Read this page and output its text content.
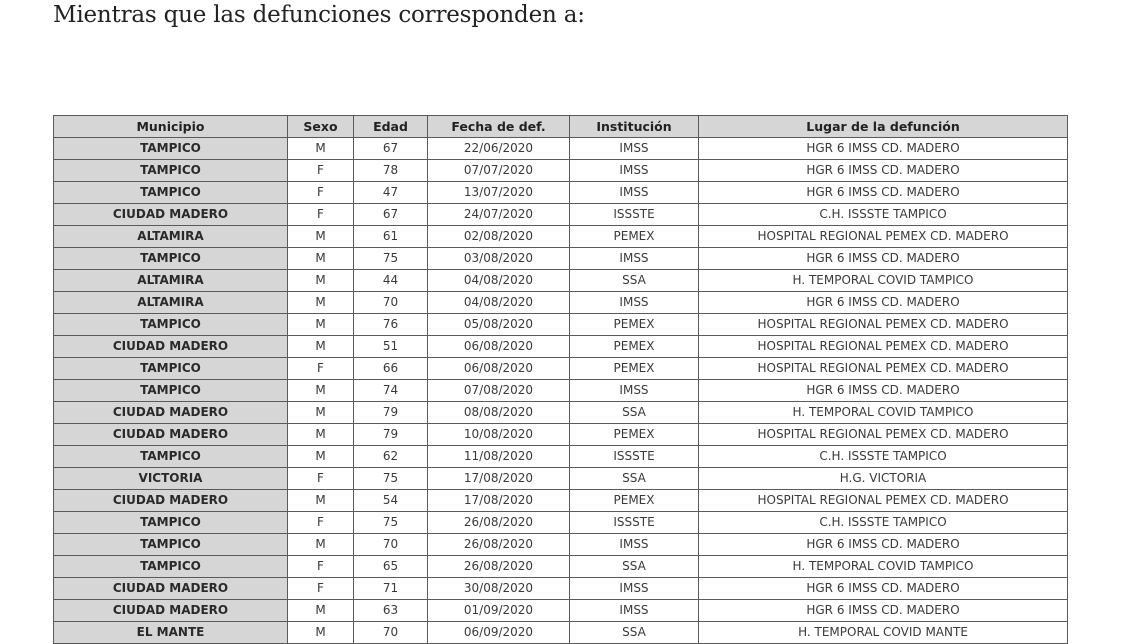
Mientras que las defunciones corresponden a:
Municipio	Sexo	Edad	Fecha de def.	Institución	Lugar de la defunción
TAMPICO	M	67	22/06/2020	IMSS	HGR 6 IMSS CD. MADERO
TAMPICO	F	78	07/07/2020	IMSS	HGR 6 IMSS CD. MADERO
TAMPICO	F	47	13/07/2020	IMSS	HGR 6 IMSS CD. MADERO
CIUDAD MADERO	F	67	24/07/2020	ISSSTE	C.H. ISSSTE TAMPICO
ALTAMIRA	M	61	02/08/2020	PEMEX	HOSPITAL REGIONAL PEMEX CD. MADERO
TAMPICO	M	75	03/08/2020	IMSS	HGR 6 IMSS CD. MADERO
ALTAMIRA	M	44	04/08/2020	SSA	H. TEMPORAL COVID TAMPICO
ALTAMIRA	M	70	04/08/2020	IMSS	HGR 6 IMSS CD. MADERO
TAMPICO	M	76	05/08/2020	PEMEX	HOSPITAL REGIONAL PEMEX CD. MADERO
CIUDAD MADERO	M	51	06/08/2020	PEMEX	HOSPITAL REGIONAL PEMEX CD. MADERO
TAMPICO	F	66	06/08/2020	PEMEX	HOSPITAL REGIONAL PEMEX CD. MADERO
TAMPICO	M	74	07/08/2020	IMSS	HGR 6 IMSS CD. MADERO
CIUDAD MADERO	M	79	08/08/2020	SSA	H. TEMPORAL COVID TAMPICO
CIUDAD MADERO	M	79	10/08/2020	PEMEX	HOSPITAL REGIONAL PEMEX CD. MADERO
TAMPICO	M	62	11/08/2020	ISSSTE	C.H. ISSSTE TAMPICO
VICTORIA	F	75	17/08/2020	SSA	H.G. VICTORIA
CIUDAD MADERO	M	54	17/08/2020	PEMEX	HOSPITAL REGIONAL PEMEX CD. MADERO
TAMPICO	F	75	26/08/2020	ISSSTE	C.H. ISSSTE TAMPICO
TAMPICO	M	70	26/08/2020	IMSS	HGR 6 IMSS CD. MADERO
TAMPICO	F	65	26/08/2020	SSA	H. TEMPORAL COVID TAMPICO
CIUDAD MADERO	F	71	30/08/2020	IMSS	HGR 6 IMSS CD. MADERO
CIUDAD MADERO	M	63	01/09/2020	IMSS	HGR 6 IMSS CD. MADERO
EL MANTE	M	70	06/09/2020	SSA	H. TEMPORAL COVID MANTE
